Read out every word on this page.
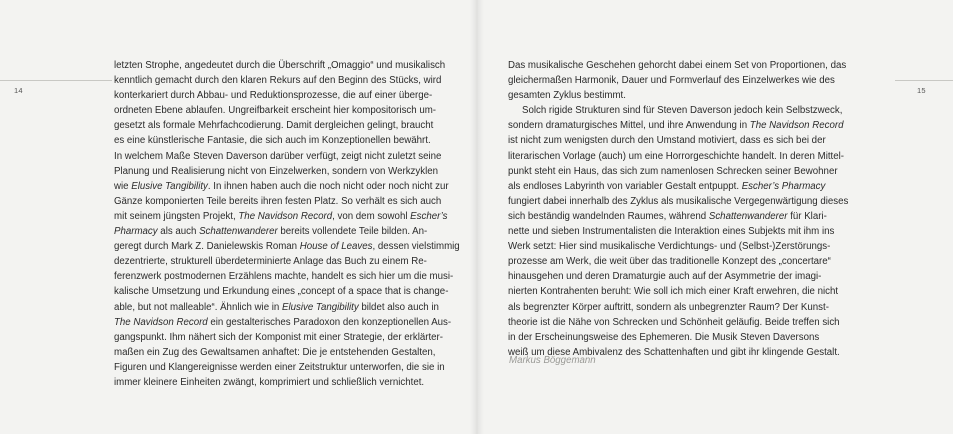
14	15
letzten Strophe, angedeutet durch die Überschrift „Omaggio“ und musikalisch
kenntlich gemacht durch den klaren Rekurs auf den Beginn des Stücks, wird
konterkariert durch Abbau- und Reduktionsprozesse, die auf einer überge-
ordneten Ebene ablaufen. Ungreifbarkeit erscheint hier kompositorisch um-
gesetzt als formale Mehrfachcodierung. Damit dergleichen gelingt, braucht
es eine künstlerische Fantasie, die sich auch im Konzeptionellen bewährt.
In welchem Maße Steven Daverson darüber verfügt, zeigt nicht zuletzt seine
Planung und Realisierung nicht von Einzelwerken, sondern von Werkzyklen
wie Elusive Tangibility. In ihnen haben auch die noch nicht oder noch nicht zur
Gänze komponierten Teile bereits ihren festen Platz. So verhält es sich auch
mit seinem jüngsten Projekt, The Navidson Record, von dem sowohl Escher’s
Pharmacy als auch Schattenwanderer bereits vollendete Teile bilden. An-
geregt durch Mark Z. Danielewskis Roman House of Leaves, dessen vielstimmig
dezentrierte, strukturell überdeterminierte Anlage das Buch zu einem Re-
ferenzwerk postmodernen Erzählens machte, handelt es sich hier um die musi-
kalische Umsetzung und Erkundung eines „concept of a space that is change-
able, but not malleable“. Ähnlich wie in Elusive Tangibility bildet also auch in
The Navidson Record ein gestalterisches Paradoxon den konzeptionellen Aus-
gangspunkt. Ihm nähert sich der Komponist mit einer Strategie, der erklärter-
maßen ein Zug des Gewaltsamen anhaftet: Die je entstehenden Gestalten,
Figuren und Klangereignisse werden einer Zeitstruktur unterworfen, die sie in
immer kleinere Einheiten zwängt, komprimiert und schließlich vernichtet.
Das musikalische Geschehen gehorcht dabei einem Set von Proportionen, das
gleichermaßen Harmonik, Dauer und Formverlauf des Einzelwerkes wie des
gesamten Zyklus bestimmt.
Solch rigide Strukturen sind für Steven Daverson jedoch kein Selbstzweck,
sondern dramaturgisches Mittel, und ihre Anwendung in The Navidson Record
ist nicht zum wenigsten durch den Umstand motiviert, dass es sich bei der
literarischen Vorlage (auch) um eine Horrorgeschichte handelt. In deren Mittel-
punkt steht ein Haus, das sich zum namenlosen Schrecken seiner Bewohner
als endloses Labyrinth von variabler Gestalt entpuppt. Escher’s Pharmacy
fungiert dabei innerhalb des Zyklus als musikalische Vergegenwärtigung dieses
sich beständig wandelnden Raumes, während Schattenwanderer für Klari-
nette und sieben Instrumentalisten die Interaktion eines Subjekts mit ihm ins
Werk setzt: Hier sind musikalische Verdichtungs- und (Selbst-)Zerstörungs-
prozesse am Werk, die weit über das traditionelle Konzept des „concertare“
hinausgehen und deren Dramaturgie auch auf der Asymmetrie der imagi-
nierten Kontrahenten beruht: Wie soll ich mich einer Kraft erwehren, die nicht
als begrenzter Körper auftritt, sondern als unbegrenzter Raum? Der Kunst-
theorie ist die Nähe von Schrecken und Schönheit geläufig. Beide treffen sich
in der Erscheinungsweise des Ephemeren. Die Musik Steven Daversons
weiß um diese Ambivalenz des Schattenhaften und gibt ihr klingende Gestalt.
Markus Böggemann
